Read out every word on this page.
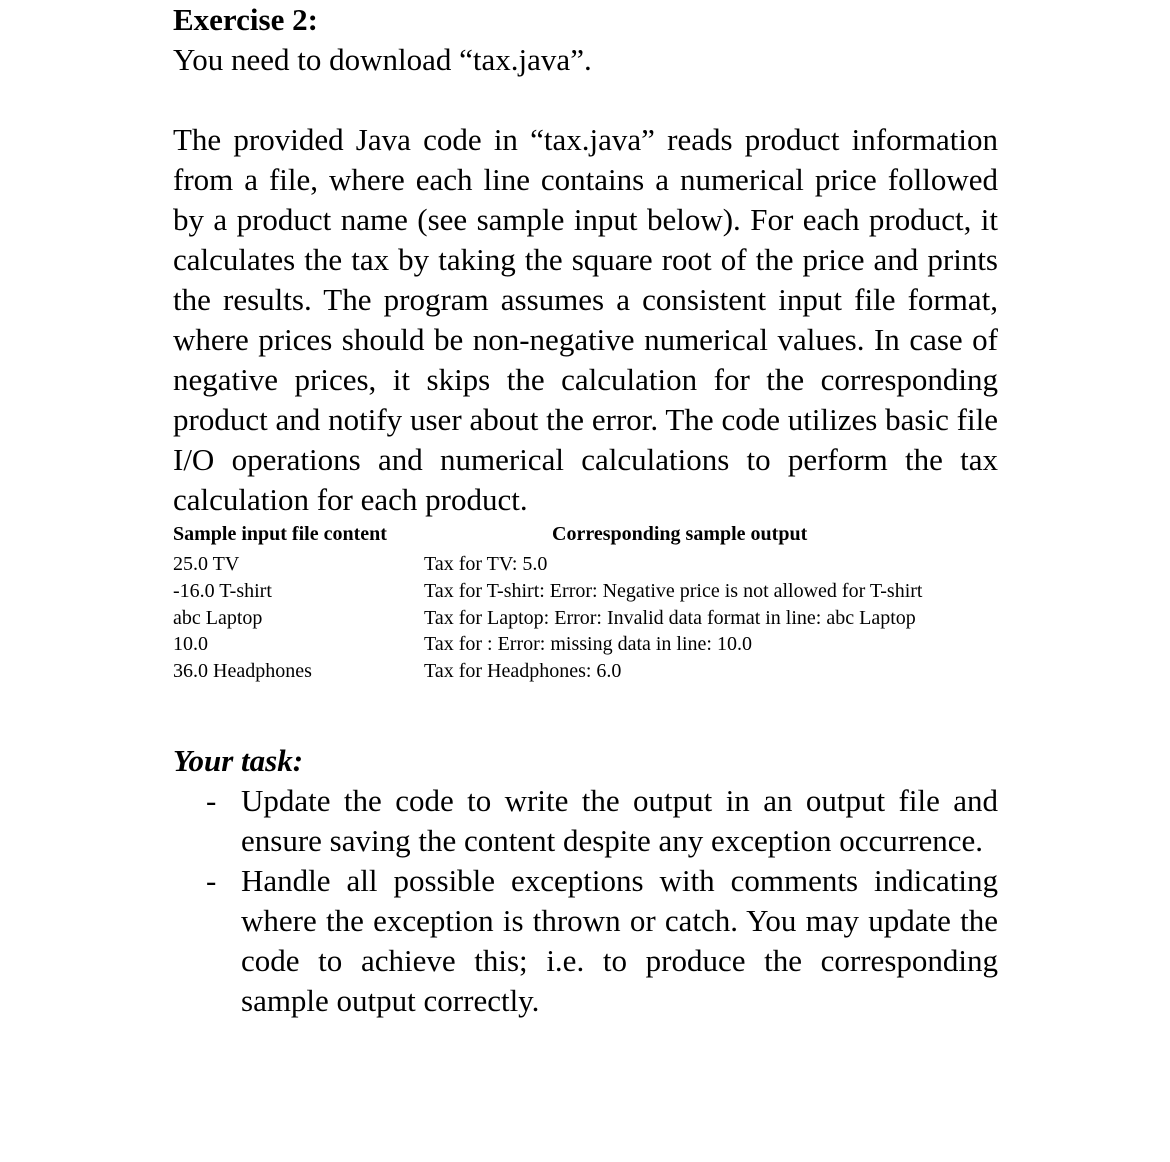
Exercise 2:

You need to download “tax.java”.

The provided Java code in “tax.java” reads product information from a file, where each line contains a numerical price followed by a product name (see sample input below). For each product, it calculates the tax by taking the square root of the price and prints the results. The program assumes a consistent input file format, where prices should be non-negative numerical values. In case of negative prices, it skips the calculation for the corresponding product and notify user about the error. The code utilizes basic file I/O operations and numerical calculations to perform the tax calculation for each product.

Sample input file content	Corresponding sample output
25.0 TV
-16.0 T-shirt
abc Laptop
10.0
36.0 Headphones
Tax for TV: 5.0
Tax for T-shirt: Error: Negative price is not allowed for T-shirt
Tax for Laptop: Error: Invalid data format in line: abc Laptop
Tax for : Error: missing data in line: 10.0
Tax for Headphones: 6.0
Your task:
- Update the code to write the output in an output file and ensure saving the content despite any exception occurrence.
- Handle all possible exceptions with comments indicating where the exception is thrown or catch. You may update the code to achieve this; i.e. to produce the corresponding sample output correctly.
